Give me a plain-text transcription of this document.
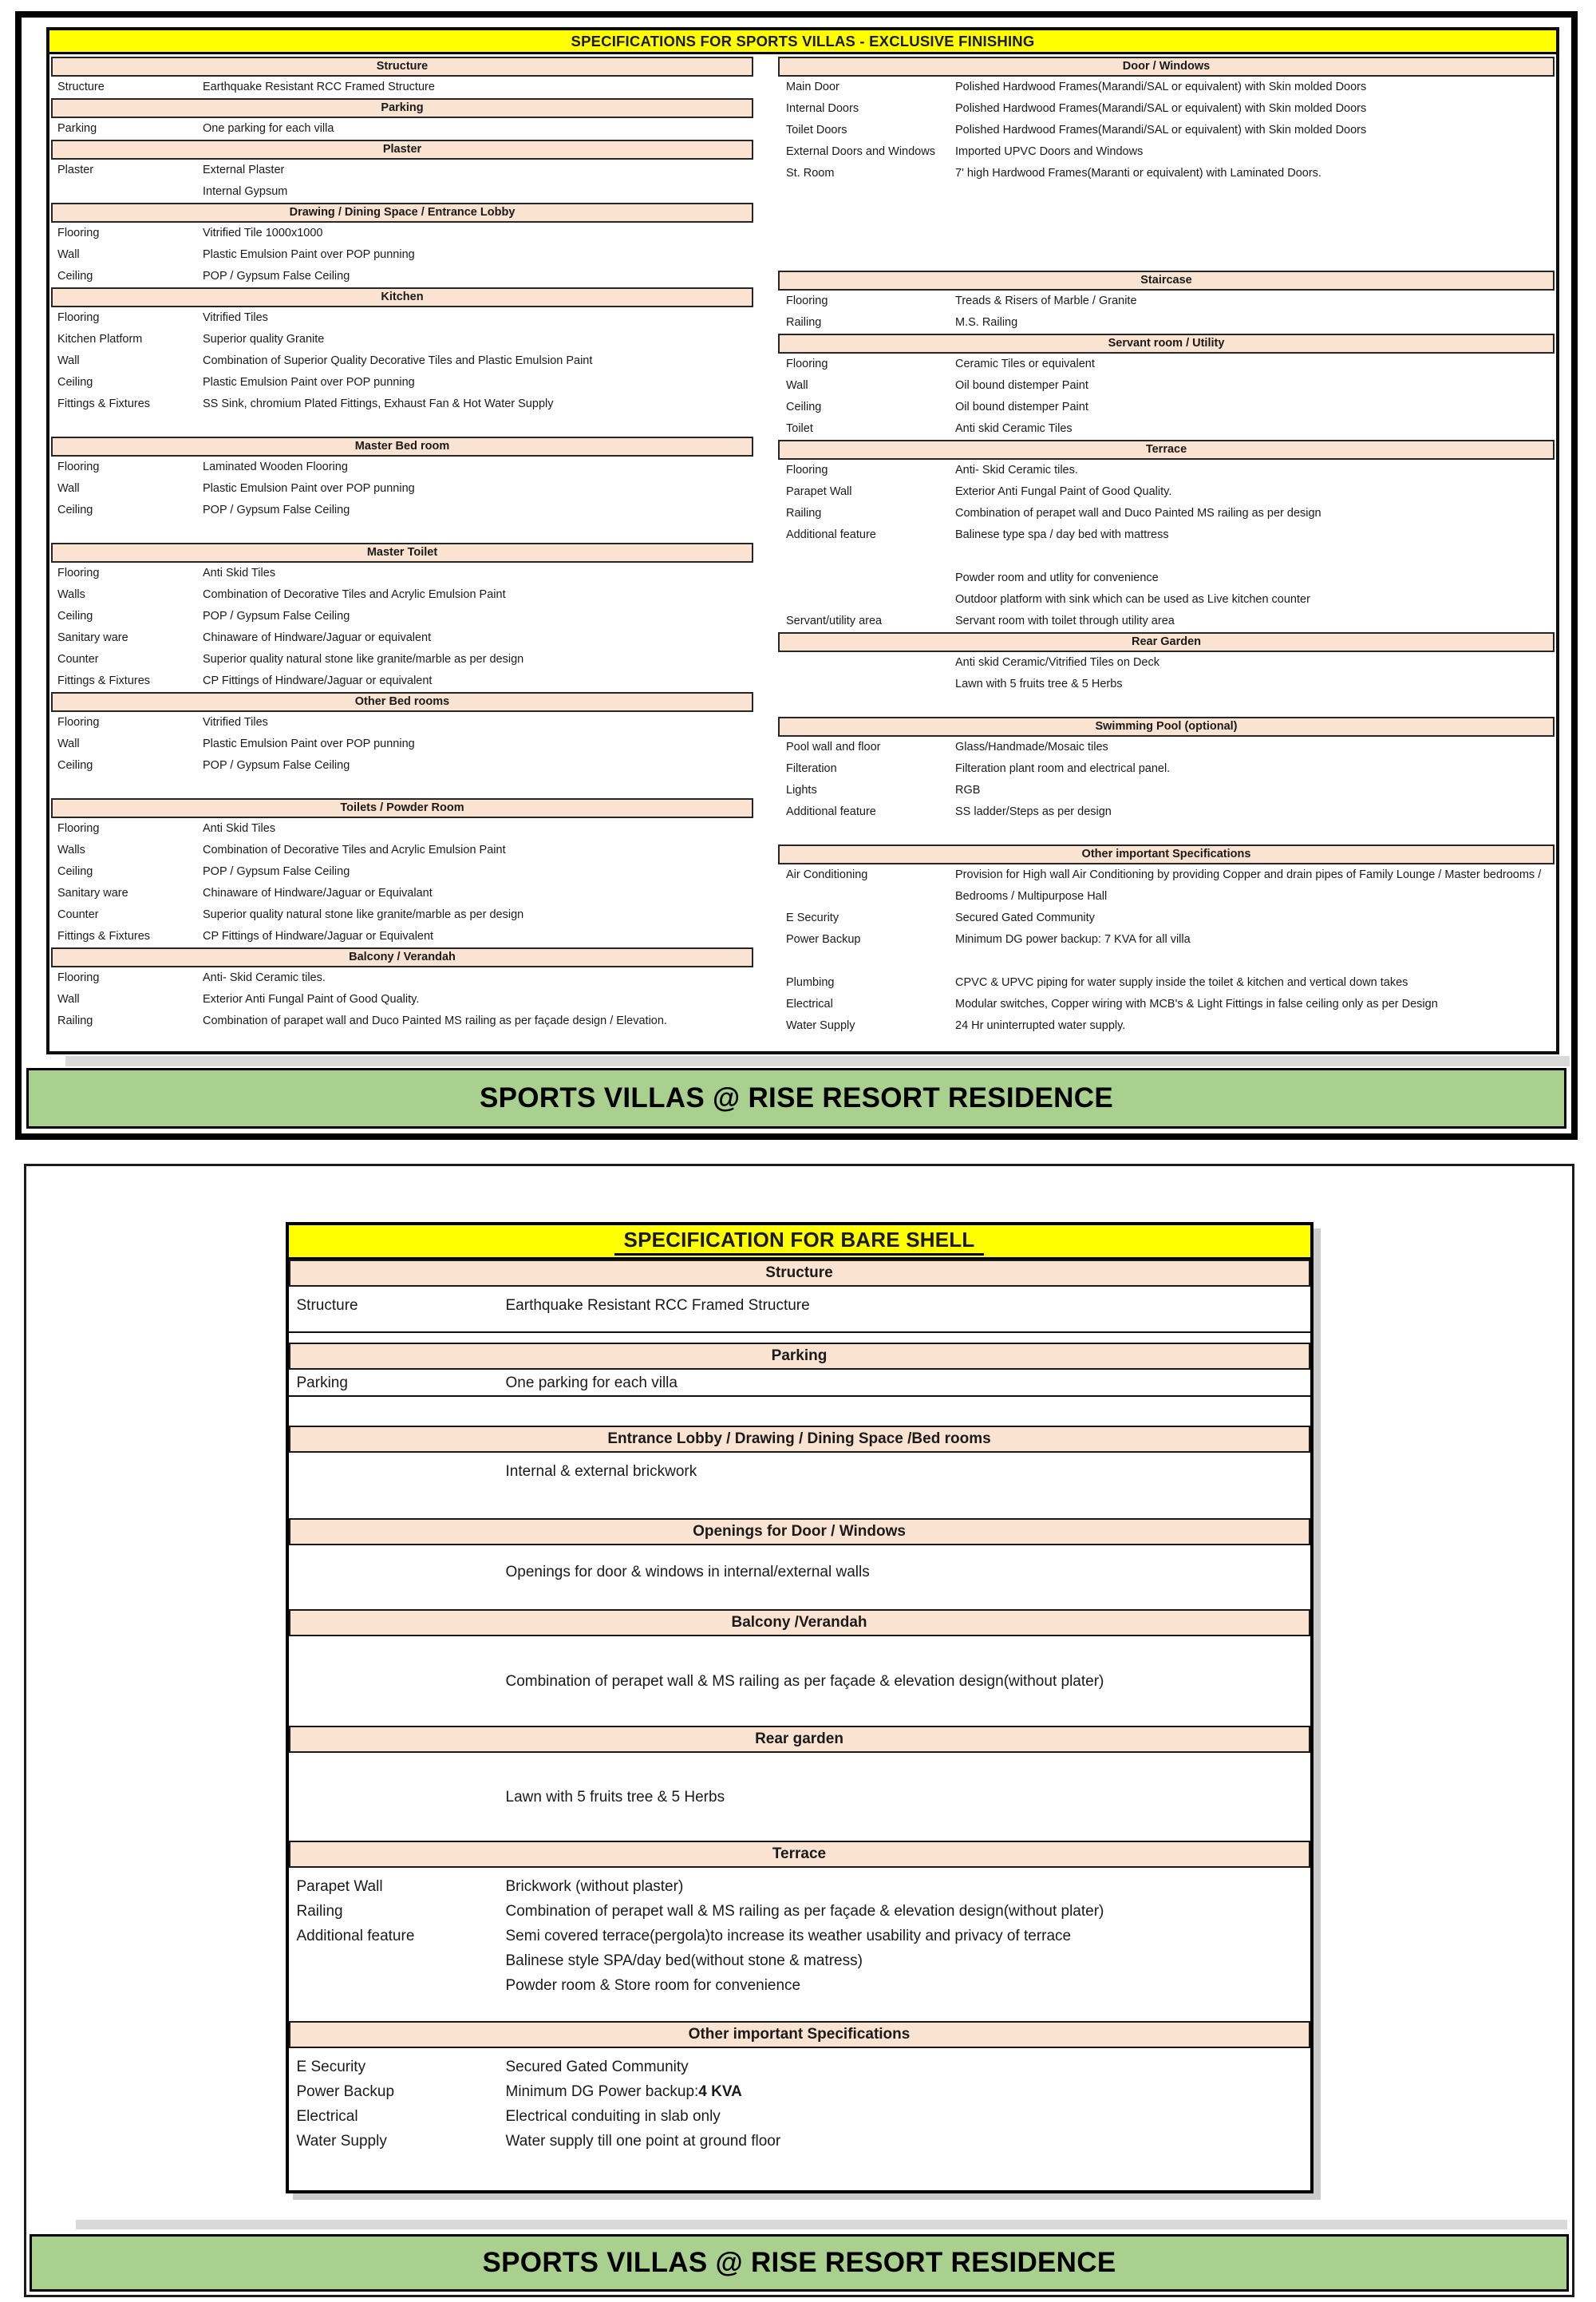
SPECIFICATIONS FOR SPORTS VILLAS - EXCLUSIVE FINISHING
Structure
Structure	Earthquake Resistant RCC Framed Structure
Parking
Parking	One parking for each villa
Plaster
Plaster	External Plaster
Internal Gypsum
Drawing / Dining Space / Entrance Lobby
Flooring	Vitrified Tile 1000x1000
Wall	Plastic Emulsion Paint over POP punning
Ceiling	POP / Gypsum False Ceiling
Kitchen
Flooring	Vitrified Tiles
Kitchen Platform	Superior quality Granite
Wall	Combination of Superior Quality Decorative Tiles and Plastic Emulsion Paint
Ceiling	Plastic Emulsion Paint over POP punning
Fittings & Fixtures	SS Sink, chromium Plated Fittings, Exhaust Fan & Hot Water Supply
Master Bed room
Flooring	Laminated Wooden Flooring
Wall	Plastic Emulsion Paint over POP punning
Ceiling	POP / Gypsum False Ceiling
Master Toilet
Flooring	Anti Skid Tiles
Walls	Combination of Decorative Tiles and Acrylic Emulsion Paint
Ceiling	POP / Gypsum False Ceiling
Sanitary ware	Chinaware of Hindware/Jaguar or equivalent
Counter	Superior quality natural stone like granite/marble as per design
Fittings & Fixtures	CP Fittings of Hindware/Jaguar or equivalent
Other Bed rooms
Flooring	Vitrified Tiles
Wall	Plastic Emulsion Paint over POP punning
Ceiling	POP / Gypsum False Ceiling
Toilets / Powder Room
Flooring	Anti Skid Tiles
Walls	Combination of Decorative Tiles and Acrylic Emulsion Paint
Ceiling	POP / Gypsum False Ceiling
Sanitary ware	Chinaware of Hindware/Jaguar or Equivalant
Counter	Superior quality natural stone like granite/marble as per design
Fittings & Fixtures	CP Fittings of Hindware/Jaguar or Equivalent
Balcony / Verandah
Flooring	Anti- Skid Ceramic tiles.
Wall	Exterior Anti Fungal Paint of Good Quality.
Railing	Combination of parapet wall and Duco Painted MS railing as per façade design / Elevation.
Door / Windows
Main Door	Polished Hardwood Frames(Marandi/SAL or equivalent) with Skin molded Doors
Internal Doors	Polished Hardwood Frames(Marandi/SAL or equivalent) with Skin molded Doors
Toilet Doors	Polished Hardwood Frames(Marandi/SAL or equivalent) with Skin molded Doors
External Doors and Windows	Imported UPVC Doors and Windows
St. Room	7' high Hardwood Frames(Maranti or equivalent) with Laminated Doors.
Staircase
Flooring	Treads & Risers of Marble / Granite
Railing	M.S. Railing
Servant room / Utility
Flooring	Ceramic Tiles or equivalent
Wall	Oil bound distemper Paint
Ceiling	Oil bound distemper Paint
Toilet	Anti skid Ceramic Tiles
Terrace
Flooring	Anti- Skid Ceramic tiles.
Parapet Wall	Exterior Anti Fungal Paint of Good Quality.
Railing	Combination of perapet wall and Duco Painted MS railing as per design
Additional feature	Balinese type spa / day bed with mattress
Powder room and utlity for convenience
Outdoor platform with sink which can be used as Live kitchen counter
Servant/utility area	Servant room with toilet through utility area
Rear Garden
Anti skid Ceramic/Vitrified Tiles on Deck
Lawn with 5 fruits tree & 5 Herbs
Swimming Pool (optional)
Pool wall and floor	Glass/Handmade/Mosaic tiles
Filteration	Filteration plant room and electrical panel.
Lights	RGB
Additional feature	SS ladder/Steps as per design
Other important Specifications
Air Conditioning	Provision for High wall Air Conditioning by providing Copper and drain pipes of Family Lounge / Master bedrooms / Bedrooms / Multipurpose Hall
E Security	Secured Gated Community
Power Backup	Minimum DG power backup: 7 KVA for all villa
Plumbing	CPVC & UPVC piping for water supply inside the toilet & kitchen and vertical down takes
Electrical	Modular switches, Copper wiring with MCB's & Light Fittings in false ceiling only as per Design
Water Supply	24 Hr uninterrupted water supply.
SPORTS VILLAS @ RISE RESORT RESIDENCE
SPECIFICATION FOR BARE SHELL
Structure
Structure	Earthquake Resistant RCC Framed Structure
Parking
Parking	One parking for each villa
Entrance Lobby / Drawing / Dining Space /Bed rooms
Internal & external brickwork
Openings for Door / Windows
Openings for door & windows in internal/external walls
Balcony /Verandah
Combination of perapet wall & MS railing as per façade & elevation design(without plater)
Rear garden
Lawn with 5 fruits tree & 5 Herbs
Terrace
Parapet Wall	Brickwork (without plaster)
Railing	Combination of perapet wall & MS railing as per façade & elevation design(without plater)
Additional feature	Semi covered terrace(pergola)to increase its weather usability and privacy of terrace
Balinese style SPA/day bed(without stone & matress)
Powder room & Store room for convenience
Other important Specifications
E Security	Secured Gated Community
Power Backup	Minimum DG Power backup:4 KVA
Electrical	Electrical conduiting in slab only
Water Supply	Water supply till one point at ground floor
SPORTS VILLAS @ RISE RESORT RESIDENCE
